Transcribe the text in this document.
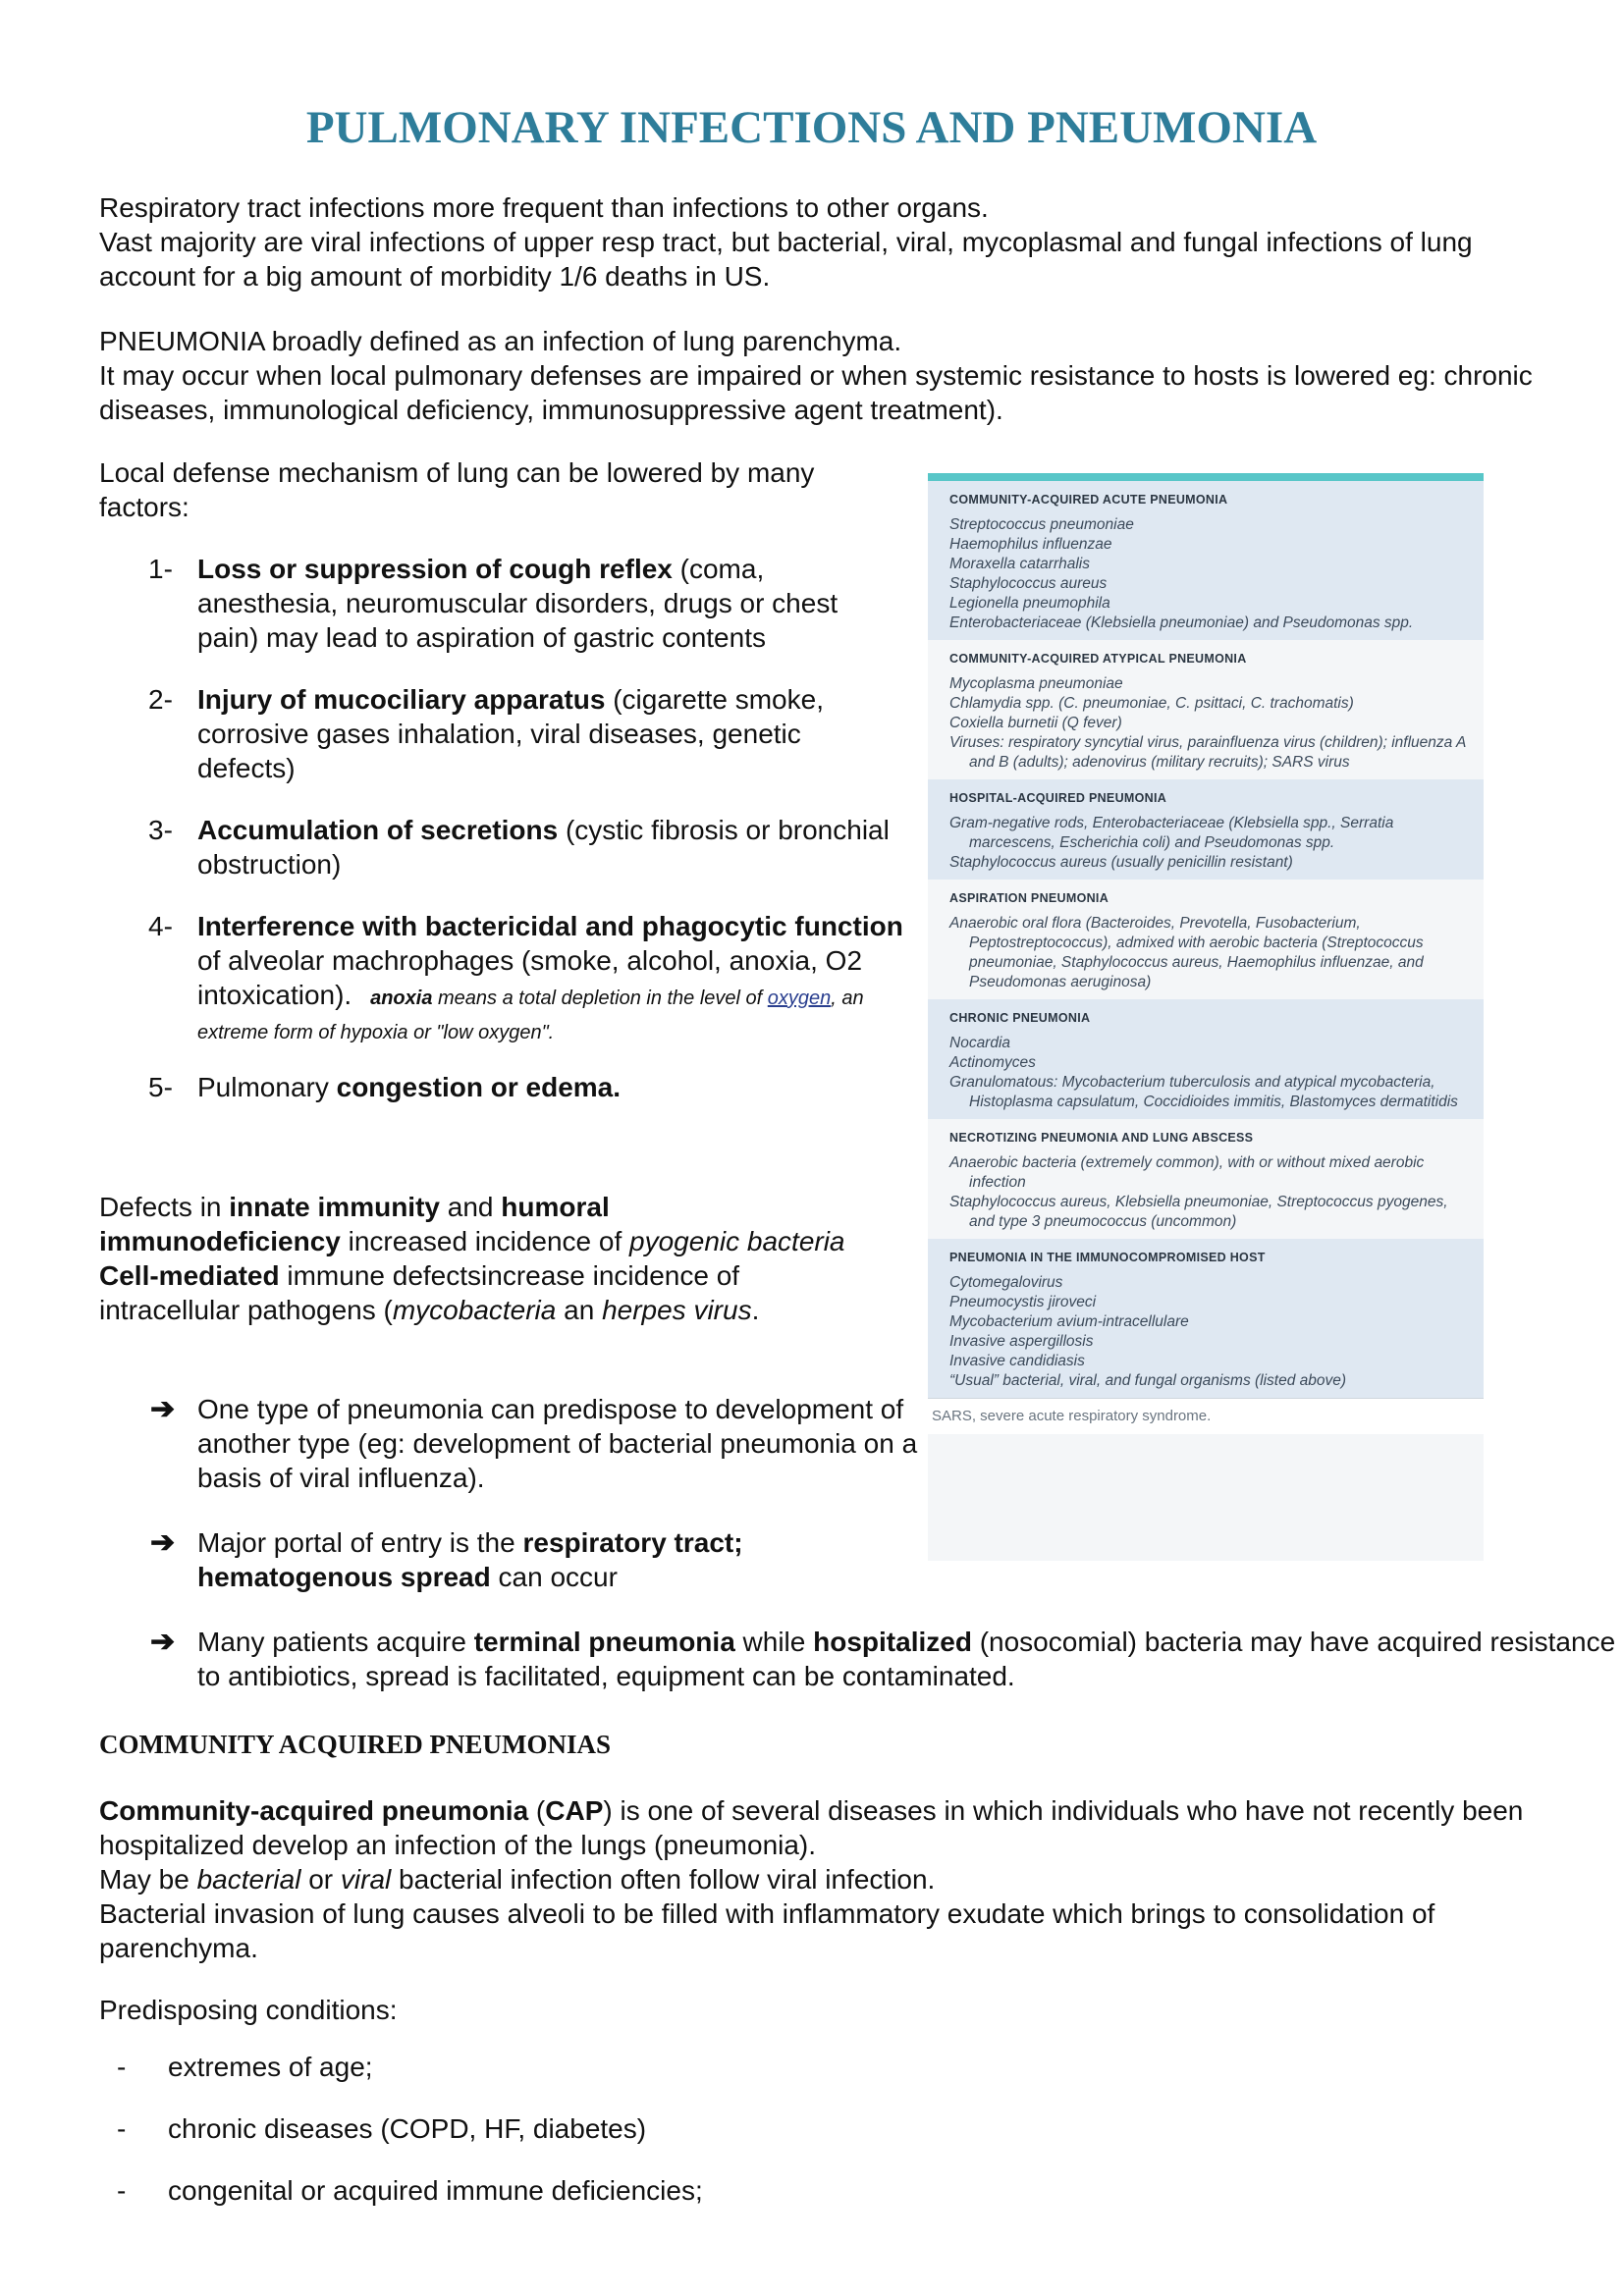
PULMONARY INFECTIONS AND PNEUMONIA

Respiratory tract infections more frequent than infections to other organs.

Vast majority are viral infections of upper resp tract, but bacterial, viral, mycoplasmal and fungal infections of lung account for a big amount of morbidity 1/6 deaths in US.

PNEUMONIA broadly defined as an infection of lung parenchyma.

It may occur when local pulmonary defenses are impaired or when systemic resistance to hosts is lowered eg: chronic diseases, immunological deficiency, immunosuppressive agent treatment).

Local defense mechanism of lung can be lowered by many factors:

1- Loss or suppression of cough reflex (coma, anesthesia, neuromuscular disorders, drugs or chest pain) may lead to aspiration of gastric contents
2- Injury of mucociliary apparatus (cigarette smoke, corrosive gases inhalation, viral diseases, genetic defects)
3- Accumulation of secretions (cystic fibrosis or bronchial obstruction)
4- Interference with bactericidal and phagocytic function of alveolar machrophages (smoke, alcohol, anoxia, O2 intoxication). anoxia means a total depletion in the level of oxygen, an extreme form of hypoxia or "low oxygen".
5- Pulmonary congestion or edema.

Defects in innate immunity and humoral immunodeficiency increased incidence of pyogenic bacteria

Cell-mediated immune defectsincrease incidence of intracellular pathogens (mycobacteria an herpes virus.

➔ One type of pneumonia can predispose to development of another type (eg: development of bacterial pneumonia on a basis of viral influenza).
➔ Major portal of entry is the respiratory tract;
hematogenous spread can occur
➔ Many patients acquire terminal pneumonia while hospitalized (nosocomial) bacteria may have acquired resistance to antibiotics, spread is facilitated, equipment can be contaminated.
COMMUNITY ACQUIRED PNEUMONIAS

Community-acquired pneumonia (CAP) is one of several diseases in which individuals who have not recently been hospitalized develop an infection of the lungs (pneumonia).

May be bacterial or viral bacterial infection often follow viral infection.

Bacterial invasion of lung causes alveoli to be filled with inflammatory exudate which brings to consolidation of parenchyma.

Predisposing conditions:

- extremes of age;
- chronic diseases (COPD, HF, diabetes)
- congenital or acquired immune deficiencies;
COMMUNITY-ACQUIRED ACUTE PNEUMONIA
Streptococcus pneumoniae
Haemophilus influenzae
Moraxella catarrhalis
Staphylococcus aureus
Legionella pneumophila
Enterobacteriaceae (Klebsiella pneumoniae) and Pseudomonas spp.
COMMUNITY-ACQUIRED ATYPICAL PNEUMONIA
Mycoplasma pneumoniae
Chlamydia spp. (C. pneumoniae, C. psittaci, C. trachomatis)
Coxiella burnetii (Q fever)
Viruses: respiratory syncytial virus, parainfluenza virus (children); influenza A and B (adults); adenovirus (military recruits); SARS virus
HOSPITAL-ACQUIRED PNEUMONIA
Gram-negative rods, Enterobacteriaceae (Klebsiella spp., Serratia marcescens, Escherichia coli) and Pseudomonas spp.
Staphylococcus aureus (usually penicillin resistant)
ASPIRATION PNEUMONIA
Anaerobic oral flora (Bacteroides, Prevotella, Fusobacterium, Peptostreptococcus), admixed with aerobic bacteria (Streptococcus pneumoniae, Staphylococcus aureus, Haemophilus influenzae, and Pseudomonas aeruginosa)
CHRONIC PNEUMONIA
Nocardia
Actinomyces
Granulomatous: Mycobacterium tuberculosis and atypical mycobacteria, Histoplasma capsulatum, Coccidioides immitis, Blastomyces dermatitidis
NECROTIZING PNEUMONIA AND LUNG ABSCESS
Anaerobic bacteria (extremely common), with or without mixed aerobic infection
Staphylococcus aureus, Klebsiella pneumoniae, Streptococcus pyogenes, and type 3 pneumococcus (uncommon)
PNEUMONIA IN THE IMMUNOCOMPROMISED HOST
Cytomegalovirus
Pneumocystis jiroveci
Mycobacterium avium-intracellulare
Invasive aspergillosis
Invasive candidiasis
“Usual” bacterial, viral, and fungal organisms (listed above)
SARS, severe acute respiratory syndrome.
